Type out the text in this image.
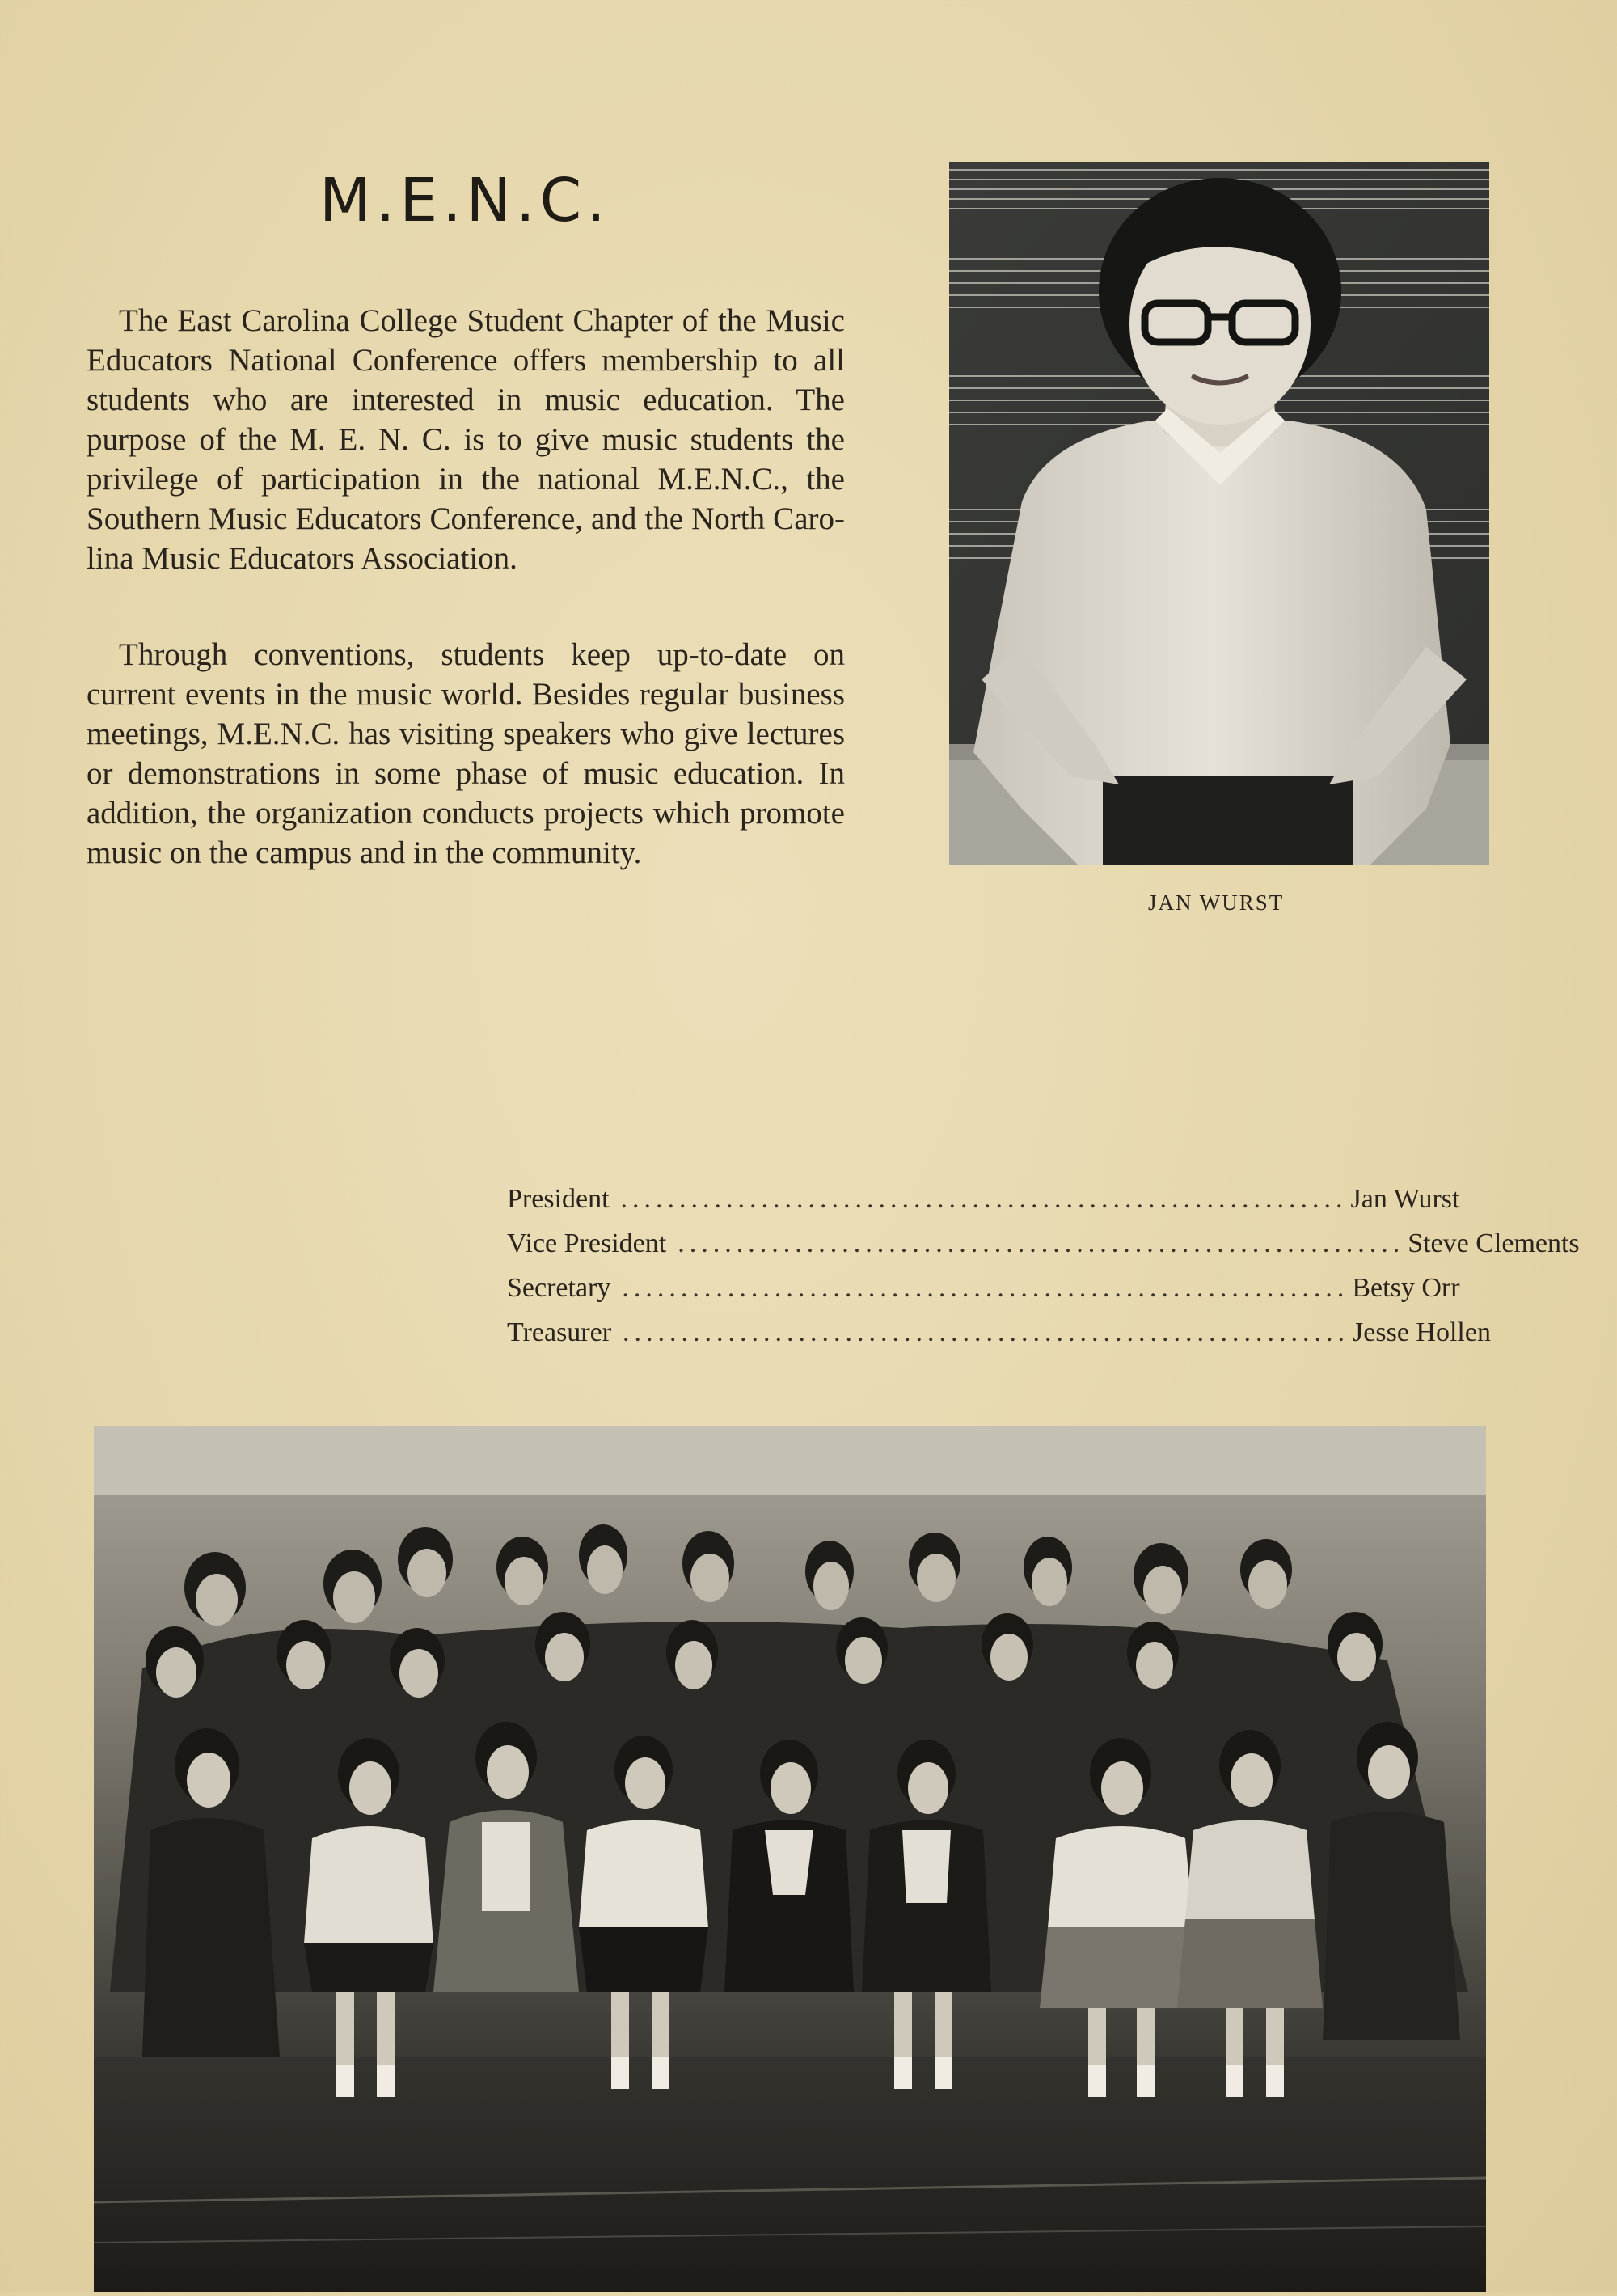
M.E.N.C.

The East Carolina College Student Chapter of the Music Educators National Conference offers membership to all students who are interested in music education. The purpose of the M. E. N. C. is to give music students the privilege of participation in the national M.E.N.C., the Southern Music Educators Conference, and the North Carolina Music Educators Association.

Through conventions, students keep up-to-date on current events in the music world. Besides regular business meetings, M.E.N.C. has visiting speakers who give lectures or demonstrations in some phase of music education. In addition, the organization conducts projects which promote music on the campus and in the community.

JAN WURST
President .............................................................. Jan Wurst
Vice President .............................................................. Steve Clements
Secretary .............................................................. Betsy Orr
Treasurer .............................................................. Jesse Hollen
